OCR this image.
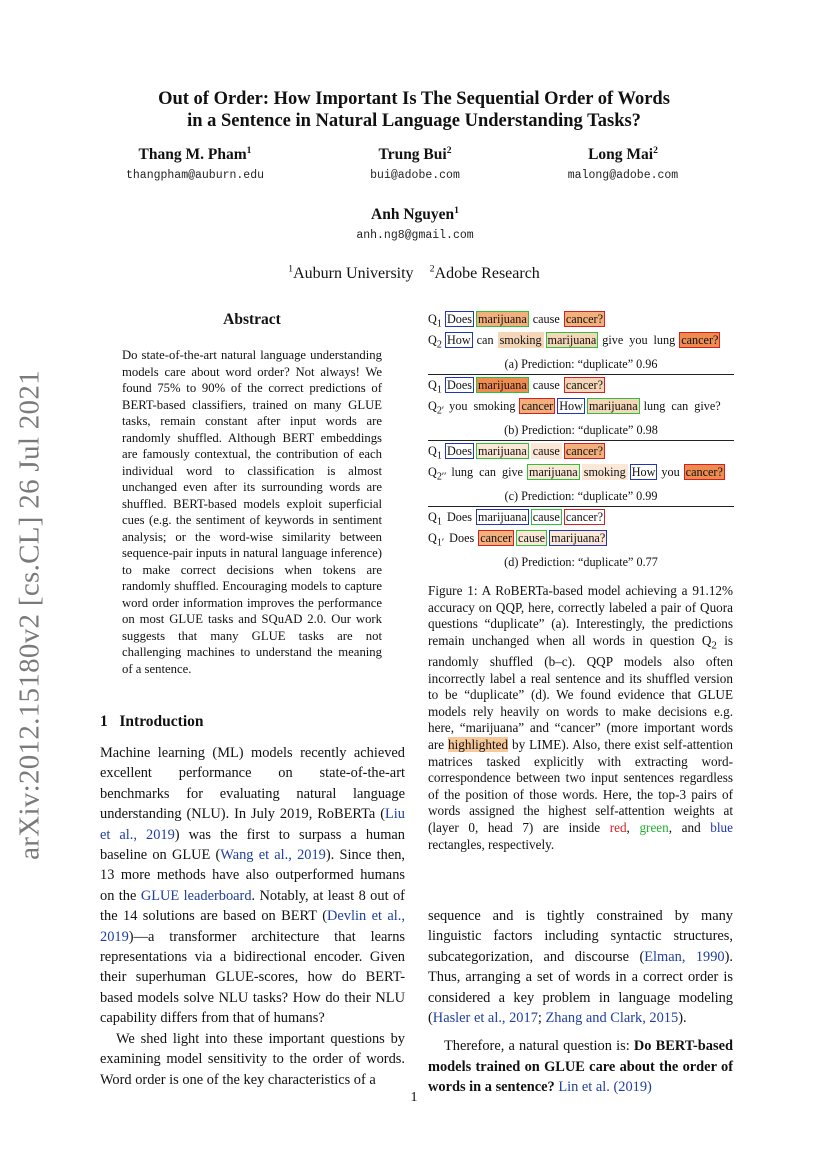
arXiv:2012.15180v2 [cs.CL] 26 Jul 2021
Out of Order: How Important Is The Sequential Order of Words
in a Sentence in Natural Language Understanding Tasks?
Thang M. Pham$^1$
thangpham@auburn.edu
Trung Bui$^2$
bui@adobe.com
Long Mai$^2$
malong@adobe.com
Anh Nguyen$^1$
anh.ng8@gmail.com
$^1$Auburn University $^2$Adobe Research
Abstract
Do state-of-the-art natural language understanding models care about word order? Not always! We found 75% to 90% of the correct predictions of BERT-based classifiers, trained on many GLUE tasks, remain constant after input words are randomly shuffled. Although BERT embeddings are famously contextual, the contribution of each individual word to classification is almost unchanged even after its surrounding words are shuffled. BERT-based models exploit superficial cues (e.g. the sentiment of keywords in sentiment analysis; or the word-wise similarity between sequence-pair inputs in natural language inference) to make correct decisions when tokens are randomly shuffled. Encouraging models to capture word order information improves the performance on most GLUE tasks and SQuAD 2.0. Our work suggests that many GLUE tasks are not challenging machines to understand the meaning of a sentence.
1 Introduction

Machine learning (ML) models recently achieved excellent performance on state-of-the-art benchmarks for evaluating natural language understanding (NLU). In July 2019, RoBERTa (Liu et al., 2019) was the first to surpass a human baseline on GLUE (Wang et al., 2019). Since then, 13 more methods have also outperformed humans on the GLUE leaderboard. Notably, at least 8 out of the 14 solutions are based on BERT (Devlin et al., 2019)—a transformer architecture that learns representations via a bidirectional encoder. Given their superhuman GLUE-scores, how do BERT-based models solve NLU tasks? How do their NLU capability differs from that of humans?

We shed light into these important questions by examining model sensitivity to the order of words. Word order is one of the key characteristics of a

$Q_1$ Does marijuana cause cancer?
$Q_2$ How can smoking marijuana give you lung cancer?
(a) Prediction: “duplicate” 0.96
$Q_1$ Does marijuana cause cancer?
$Q_{2'}$ you smoking cancer How marijuana lung can give?
(b) Prediction: “duplicate” 0.98
$Q_1$ Does marijuana cause cancer?
$Q_{2''}$ lung can give marijuana smoking How you cancer?
(c) Prediction: “duplicate” 0.99
$Q_1$ Does marijuana cause cancer?
$Q_{1'}$ Does cancer cause marijuana?
(d) Prediction: “duplicate” 0.77
Figure 1: A RoBERTa-based model achieving a 91.12% accuracy on QQP, here, correctly labeled a pair of Quora questions “duplicate” (a). Interestingly, the predictions remain unchanged when all words in question $Q_2$ is randomly shuffled (b–c). QQP models also often incorrectly label a real sentence and its shuffled version to be “duplicate” (d). We found evidence that GLUE models rely heavily on words to make decisions e.g. here, “marijuana” and “cancer” (more important words are highlighted by LIME). Also, there exist self-attention matrices tasked explicitly with extracting word-correspondence between two input sentences regardless of the position of those words. Here, the top-3 pairs of words assigned the highest self-attention weights at (layer 0, head 7) are inside red, green, and blue rectangles, respectively.

sequence and is tightly constrained by many linguistic factors including syntactic structures, subcategorization, and discourse (Elman, 1990). Thus, arranging a set of words in a correct order is considered a key problem in language modeling (Hasler et al., 2017; Zhang and Clark, 2015).

Therefore, a natural question is: Do BERT-based models trained on GLUE care about the order of words in a sentence? Lin et al. (2019)

1
